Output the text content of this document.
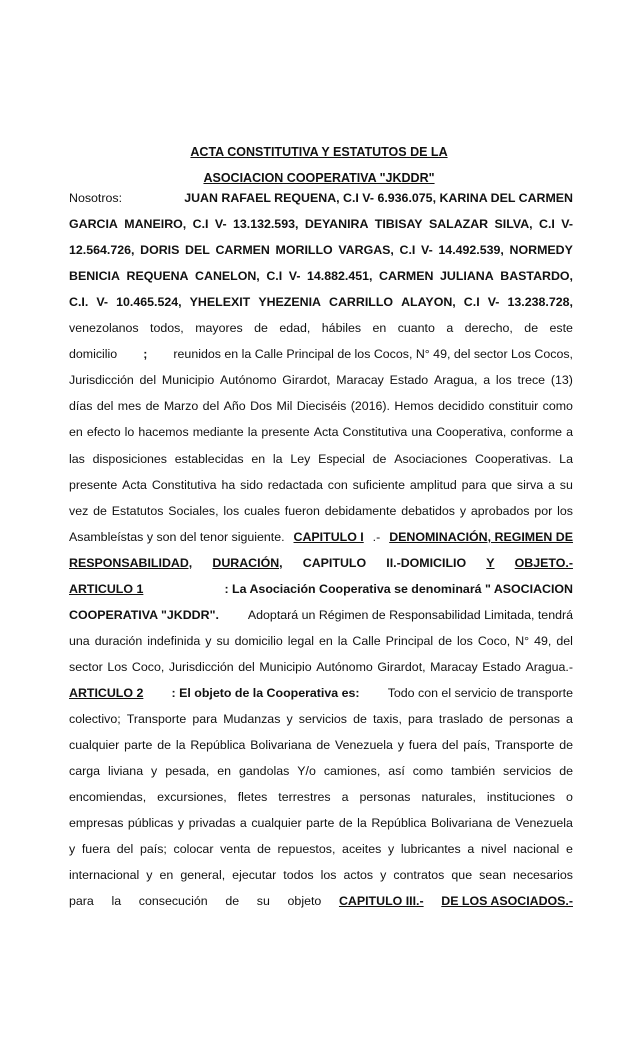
ACTA CONSTITUTIVA Y ESTATUTOS DE LA
ASOCIACION COOPERATIVA "JKDDR"
Nosotros:	JUAN RAFAEL REQUENA, C.I V- 6.936.075, KARINA DEL CARMEN
GARCIA MANEIRO, C.I V- 13.132.593, DEYANIRA TIBISAY SALAZAR SILVA, C.I V-
12.564.726, DORIS DEL CARMEN MORILLO VARGAS, C.I V- 14.492.539, NORMEDY
BENICIA REQUENA CANELON, C.I V- 14.882.451, CARMEN JULIANA BASTARDO,
C.I. V- 10.465.524, YHELEXIT YHEZENIA CARRILLO ALAYON, C.I V- 13.238.728,
venezolanos todos, mayores de edad, hábiles en cuanto a derecho, de este
domicilio ; reunidos en la Calle Principal de los Cocos, N° 49, del sector Los Cocos,
Jurisdicción del Municipio Autónomo Girardot, Maracay Estado Aragua, a los trece (13)
días del mes de Marzo del Año Dos Mil Dieciséis (2016). Hemos decidido constituir como
en efecto lo hacemos mediante la presente Acta Constitutiva una Cooperativa, conforme a
las disposiciones establecidas en la Ley Especial de Asociaciones Cooperativas. La
presente Acta Constitutiva ha sido redactada con suficiente amplitud para que sirva a su
vez de Estatutos Sociales, los cuales fueron debidamente debatidos y aprobados por los
Asambleístas y son del tenor siguiente. CAPITULO I .- DENOMINACIÓN, REGIMEN DE
RESPONSABILIDAD, DURACIÓN, CAPITULO II.-DOMICILIO Y OBJETO.-
ARTICULO 1	: La Asociación Cooperativa se denominará " ASOCIACION
COOPERATIVA "JKDDR". Adoptará un Régimen de Responsabilidad Limitada, tendrá
una duración indefinida y su domicilio legal en la Calle Principal de los Coco, N° 49, del
sector Los Coco, Jurisdicción del Municipio Autónomo Girardot, Maracay Estado Aragua.-
ARTICULO 2 : El objeto de la Cooperativa es: Todo con el servicio de transporte
colectivo; Transporte para Mudanzas y servicios de taxis, para traslado de personas a
cualquier parte de la República Bolivariana de Venezuela y fuera del país, Transporte de
carga liviana y pesada, en gandolas Y/o camiones, así como también servicios de
encomiendas, excursiones, fletes terrestres a personas naturales, instituciones o
empresas públicas y privadas a cualquier parte de la República Bolivariana de Venezuela
y fuera del país; colocar venta de repuestos, aceites y lubricantes a nivel nacional e
internacional y en general, ejecutar todos los actos y contratos que sean necesarios
para la consecución de su objeto CAPITULO III.- DE LOS ASOCIADOS.-
